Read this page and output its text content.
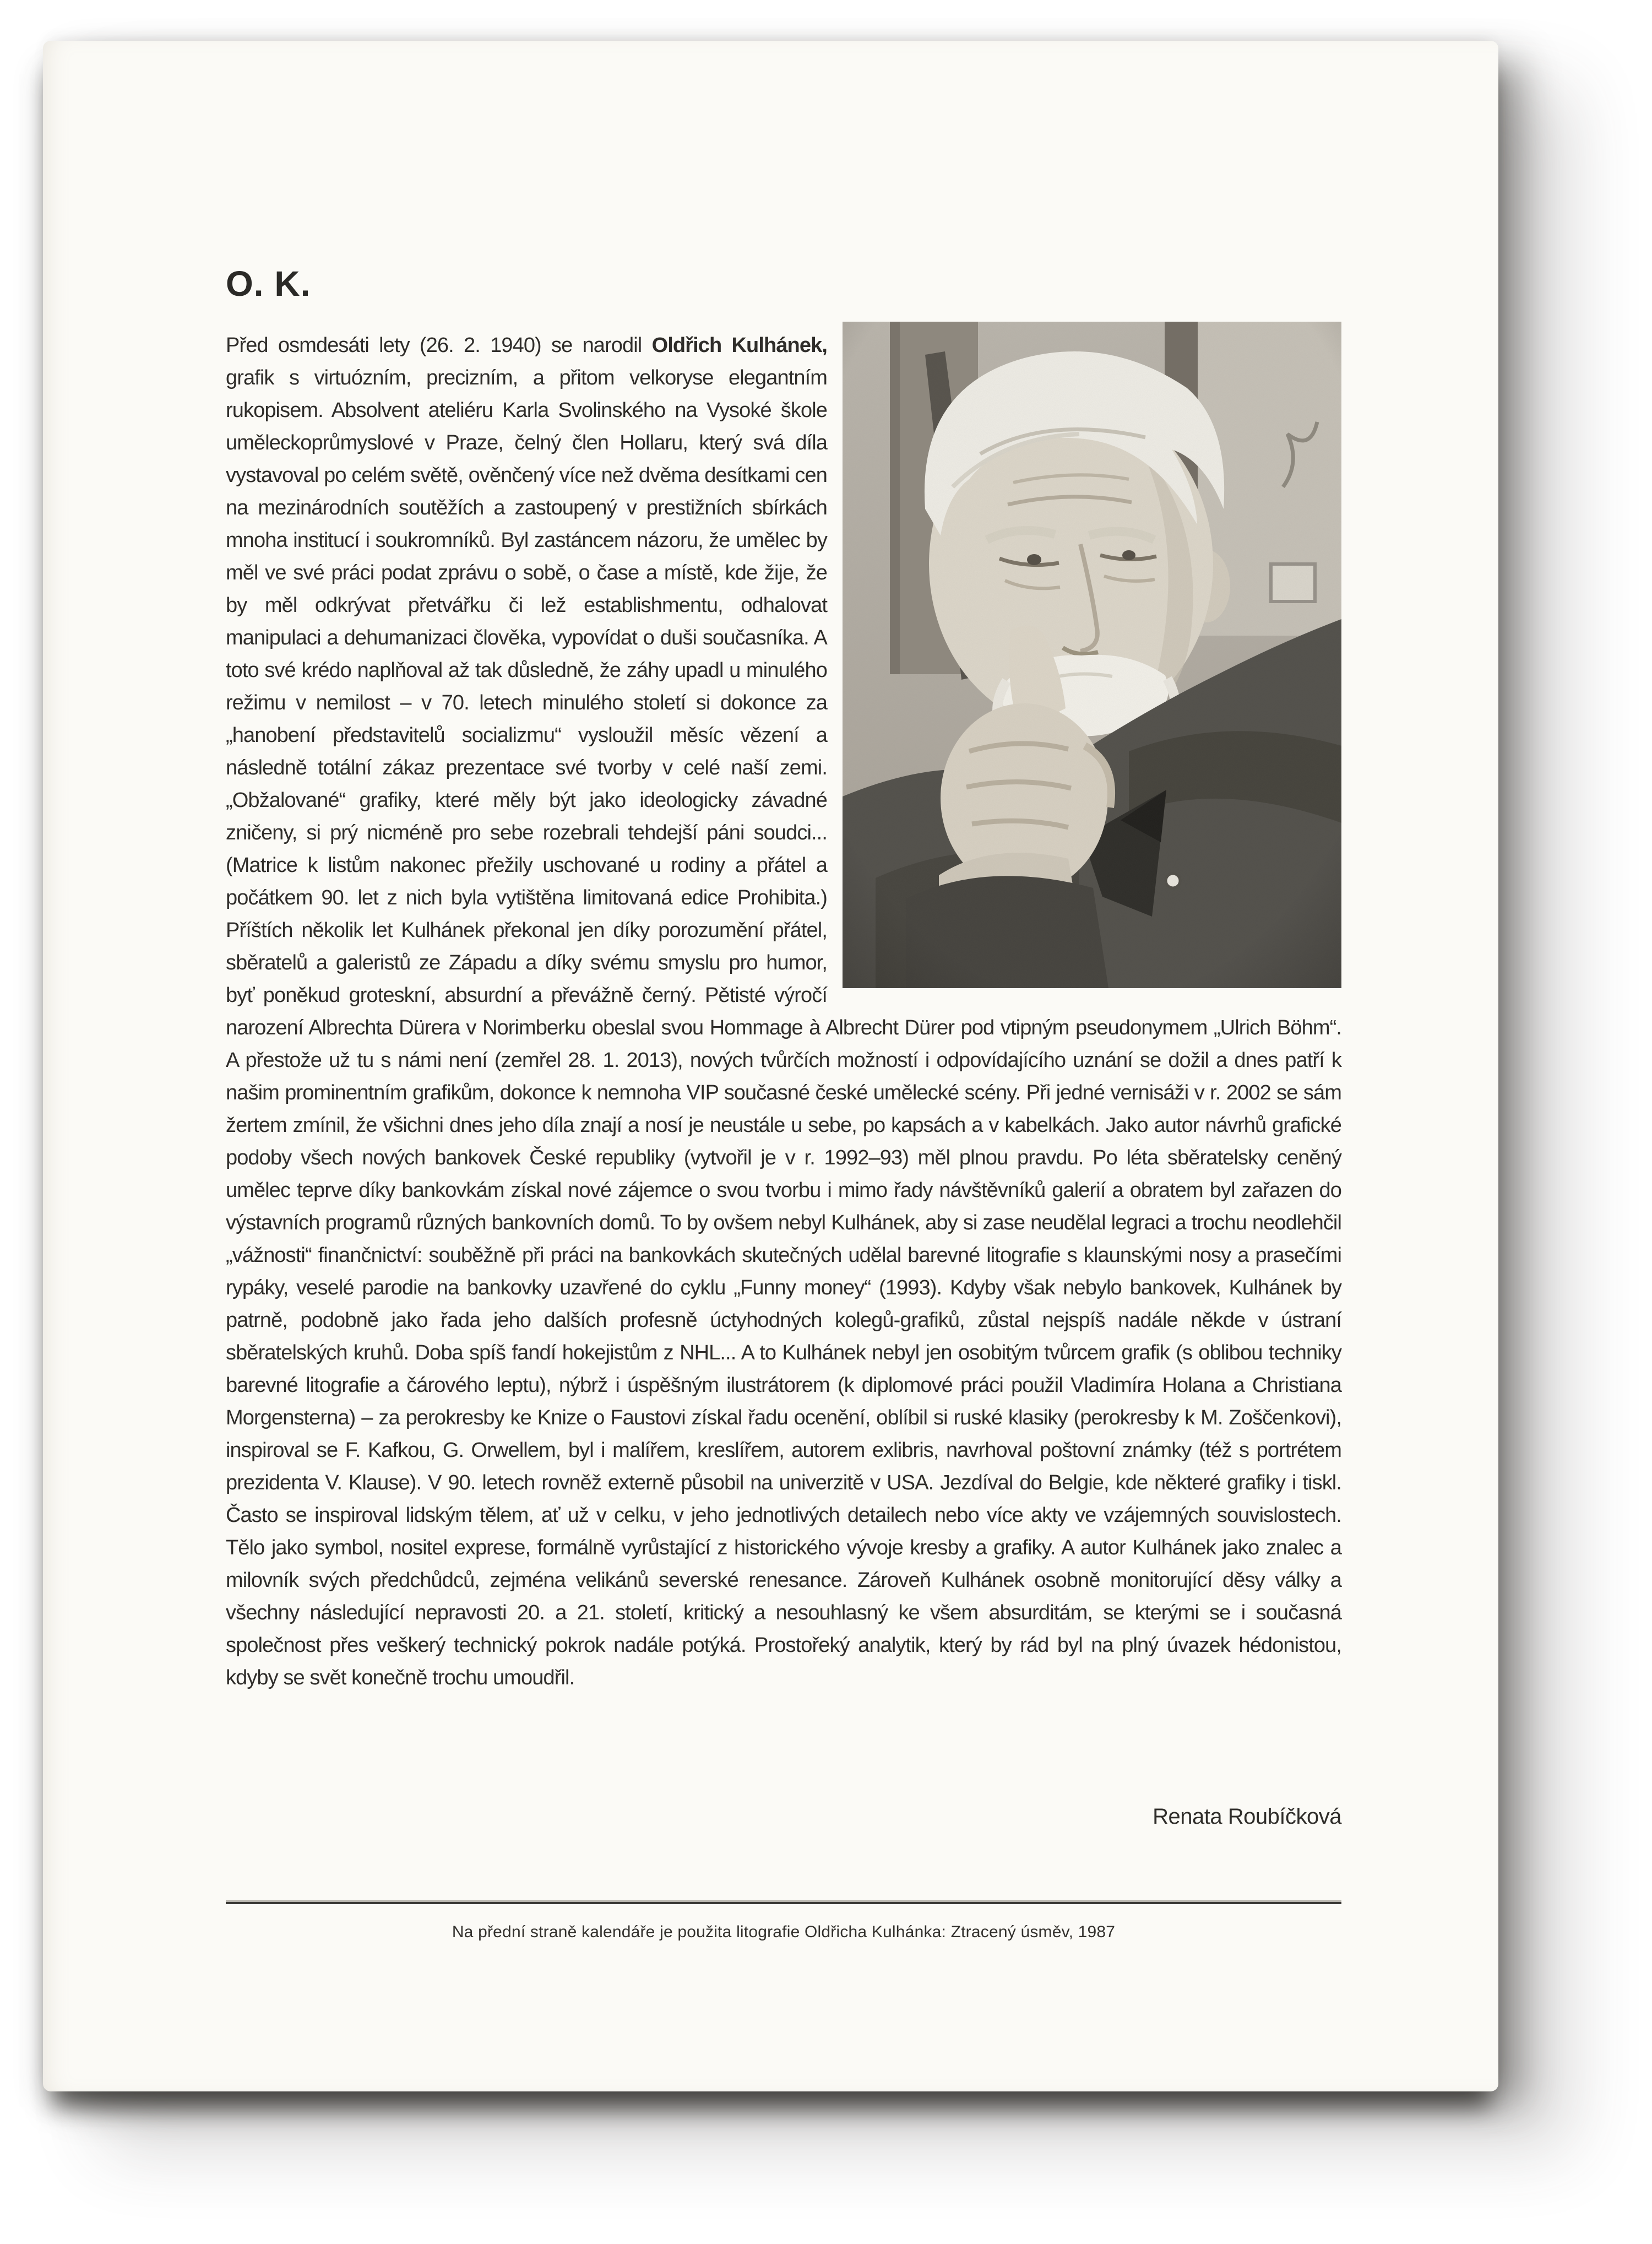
O. K.
Před osmdesáti lety (26. 2. 1940) se narodil Oldřich Kulhánek, grafik s virtuózním, precizním, a přitom velkoryse elegantním rukopisem. Absolvent ateliéru Karla Svolinského na Vysoké škole uměleckoprůmyslové v Praze, čelný člen Hollaru, který svá díla vystavoval po celém světě, ověnčený více než dvěma desítkami cen na mezinárodních soutěžích a zastoupený v prestižních sbírkách mnoha institucí i soukromníků. Byl zastáncem názoru, že umělec by měl ve své práci podat zprávu o sobě, o čase a místě, kde žije, že by měl odkrývat přetvářku či lež establishmentu, odhalovat manipulaci a dehumanizaci člověka, vypovídat o duši současníka. A toto své krédo naplňoval až tak důsledně, že záhy upadl u minulého režimu v nemilost – v 70. letech minulého století si dokonce za „hanobení představitelů socializmu“ vysloužil měsíc vězení a následně totální zákaz prezentace své tvorby v celé naší zemi. „Obžalované“ grafiky, které měly být jako ideologicky závadné zničeny, si prý nicméně pro sebe rozebrali tehdejší páni soudci... (Matrice k listům nakonec přežily uschované u rodiny a přátel a počátkem 90. let z nich byla vytištěna limitovaná edice Prohibita.) Příštích několik let Kulhánek překonal jen díky porozumění přátel, sběratelů a galeristů ze Západu a díky svému smyslu pro humor, byť poněkud groteskní, absurdní a převážně černý. Pětisté výročí narození Albrechta Dürera v Norimberku obeslal svou Hommage à Albrecht Dürer pod vtipným pseudonymem „Ulrich Böhm“. A přestože už tu s námi není (zemřel 28. 1. 2013), nových tvůrčích možností i odpovídajícího uznání se dožil a dnes patří k našim prominentním grafikům, dokonce k nemnoha VIP současné české umělecké scény. Při jedné vernisáži v r. 2002 se sám žertem zmínil, že všichni dnes jeho díla znají a nosí je neustále u sebe, po kapsách a v kabelkách. Jako autor návrhů grafické podoby všech nových bankovek České republiky (vytvořil je v r. 1992–93) měl plnou pravdu. Po léta sběratelsky ceněný umělec teprve díky bankovkám získal nové zájemce o svou tvorbu i mimo řady návštěvníků galerií a obratem byl zařazen do výstavních programů různých bankovních domů. To by ovšem nebyl Kulhánek, aby si zase neudělal legraci a trochu neodlehčil „vážnosti“ finančnictví: souběžně při práci na bankovkách skutečných udělal barevné litografie s klaunskými nosy a prasečími rypáky, veselé parodie na bankovky uzavřené do cyklu „Funny money“ (1993). Kdyby však nebylo bankovek, Kulhánek by patrně, podobně jako řada jeho dalších profesně úctyhodných kolegů-grafiků, zůstal nejspíš nadále někde v ústraní sběratelských kruhů. Doba spíš fandí hokejistům z NHL... A to Kulhánek nebyl jen osobitým tvůrcem grafik (s oblibou techniky barevné litografie a čárového leptu), nýbrž i úspěšným ilustrátorem (k diplomové práci použil Vladimíra Holana a Christiana Morgensterna) – za perokresby ke Knize o Faustovi získal řadu ocenění, oblíbil si ruské klasiky (perokresby k M. Zoščenkovi), inspiroval se F. Kafkou, G. Orwellem, byl i malířem, kreslířem, autorem exlibris, navrhoval poštovní známky (též s portrétem prezidenta V. Klause). V 90. letech rovněž externě působil na univerzitě v USA. Jezdíval do Belgie, kde některé grafiky i tiskl. Často se inspiroval lidským tělem, ať už v celku, v jeho jednotlivých detailech nebo více akty ve vzájemných souvislostech. Tělo jako symbol, nositel exprese, formálně vyrůstající z historického vývoje kresby a grafiky. A autor Kulhánek jako znalec a milovník svých předchůdců, zejména velikánů severské renesance. Zároveň Kulhánek osobně monitorující děsy války a všechny následující nepravosti 20. a 21. století, kritický a nesouhlasný ke všem absurditám, se kterými se i současná společnost přes veškerý technický pokrok nadále potýká. Prostořeký analytik, který by rád byl na plný úvazek hédonistou, kdyby se svět konečně trochu umoudřil.
Renata Roubíčková
Na přední straně kalendáře je použita litografie Oldřicha Kulhánka: Ztracený úsměv, 1987
